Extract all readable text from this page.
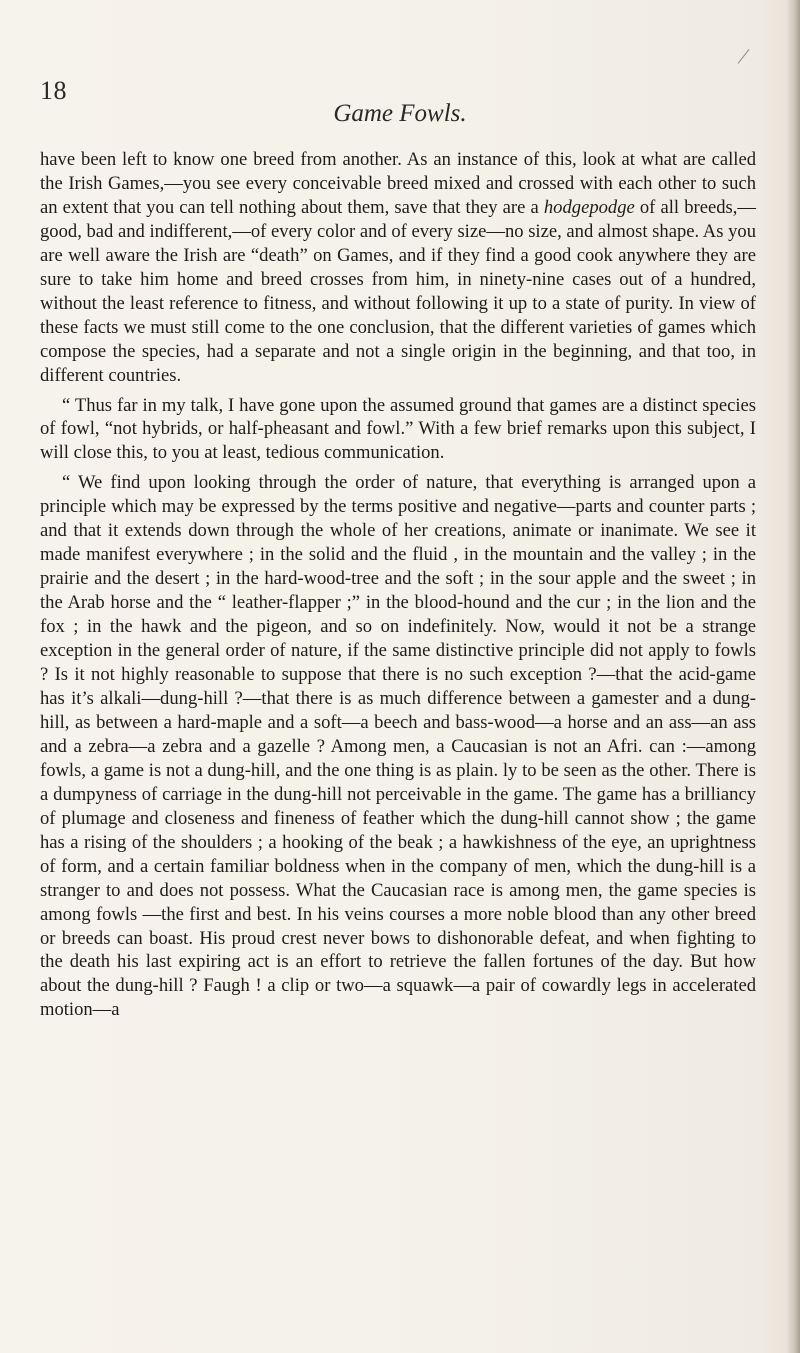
18
Game Fowls.

have been left to know one breed from another. As an instance of this, look at what are called the Irish Games,—you see every conceivable breed mixed and crossed with each other to such an extent that you can tell nothing about them, save that they are a hodgepodge of all breeds,—good, bad and indifferent,—of every color and of every size—no size, and almost shape. As you are well aware the Irish are “death” on Games, and if they find a good cook anywhere they are sure to take him home and breed crosses from him, in ninety-nine cases out of a hundred, without the least reference to fitness, and without following it up to a state of purity. In view of these facts we must still come to the one conclusion, that the different varieties of games which compose the species, had a separate and not a single origin in the beginning, and that too, in different countries.

“ Thus far in my talk, I have gone upon the assumed ground that games are a distinct species of fowl, “not hybrids, or half-pheasant and fowl.” With a few brief remarks upon this subject, I will close this, to you at least, tedious communication.

“ We find upon looking through the order of nature, that everything is arranged upon a principle which may be expressed by the terms positive and negative—parts and counter parts ; and that it extends down through the whole of her creations, animate or inanimate. We see it made manifest everywhere ; in the solid and the fluid , in the mountain and the valley ; in the prairie and the desert ; in the hard-wood-tree and the soft ; in the sour apple and the sweet ; in the Arab horse and the “ leather-flapper ;” in the blood-hound and the cur ; in the lion and the fox ; in the hawk and the pigeon, and so on indefinitely. Now, would it not be a strange exception in the general order of nature, if the same distinctive principle did not apply to fowls ? Is it not highly reasonable to suppose that there is no such exception ?—that the acid-game has it’s alkali—dung-hill ?—that there is as much difference between a gamester and a dung-hill, as between a hard-maple and a soft—a beech and bass-wood—a horse and an ass—an ass and a zebra—a zebra and a gazelle ? Among men, a Caucasian is not an Afri. can :—among fowls, a game is not a dung-hill, and the one thing is as plain. ly to be seen as the other. There is a dumpyness of carriage in the dung-hill not perceivable in the game. The game has a brilliancy of plumage and closeness and fineness of feather which the dung-hill cannot show ; the game has a rising of the shoulders ; a hooking of the beak ; a hawkishness of the eye, an uprightness of form, and a certain familiar boldness when in the company of men, which the dung-hill is a stranger to and does not possess. What the Caucasian race is among men, the game species is among fowls —the first and best. In his veins courses a more noble blood than any other breed or breeds can boast. His proud crest never bows to dishonorable defeat, and when fighting to the death his last expiring act is an effort to retrieve the fallen fortunes of the day. But how about the dung-hill ? Faugh ! a clip or two—a squawk—a pair of cowardly legs in accelerated motion—a
